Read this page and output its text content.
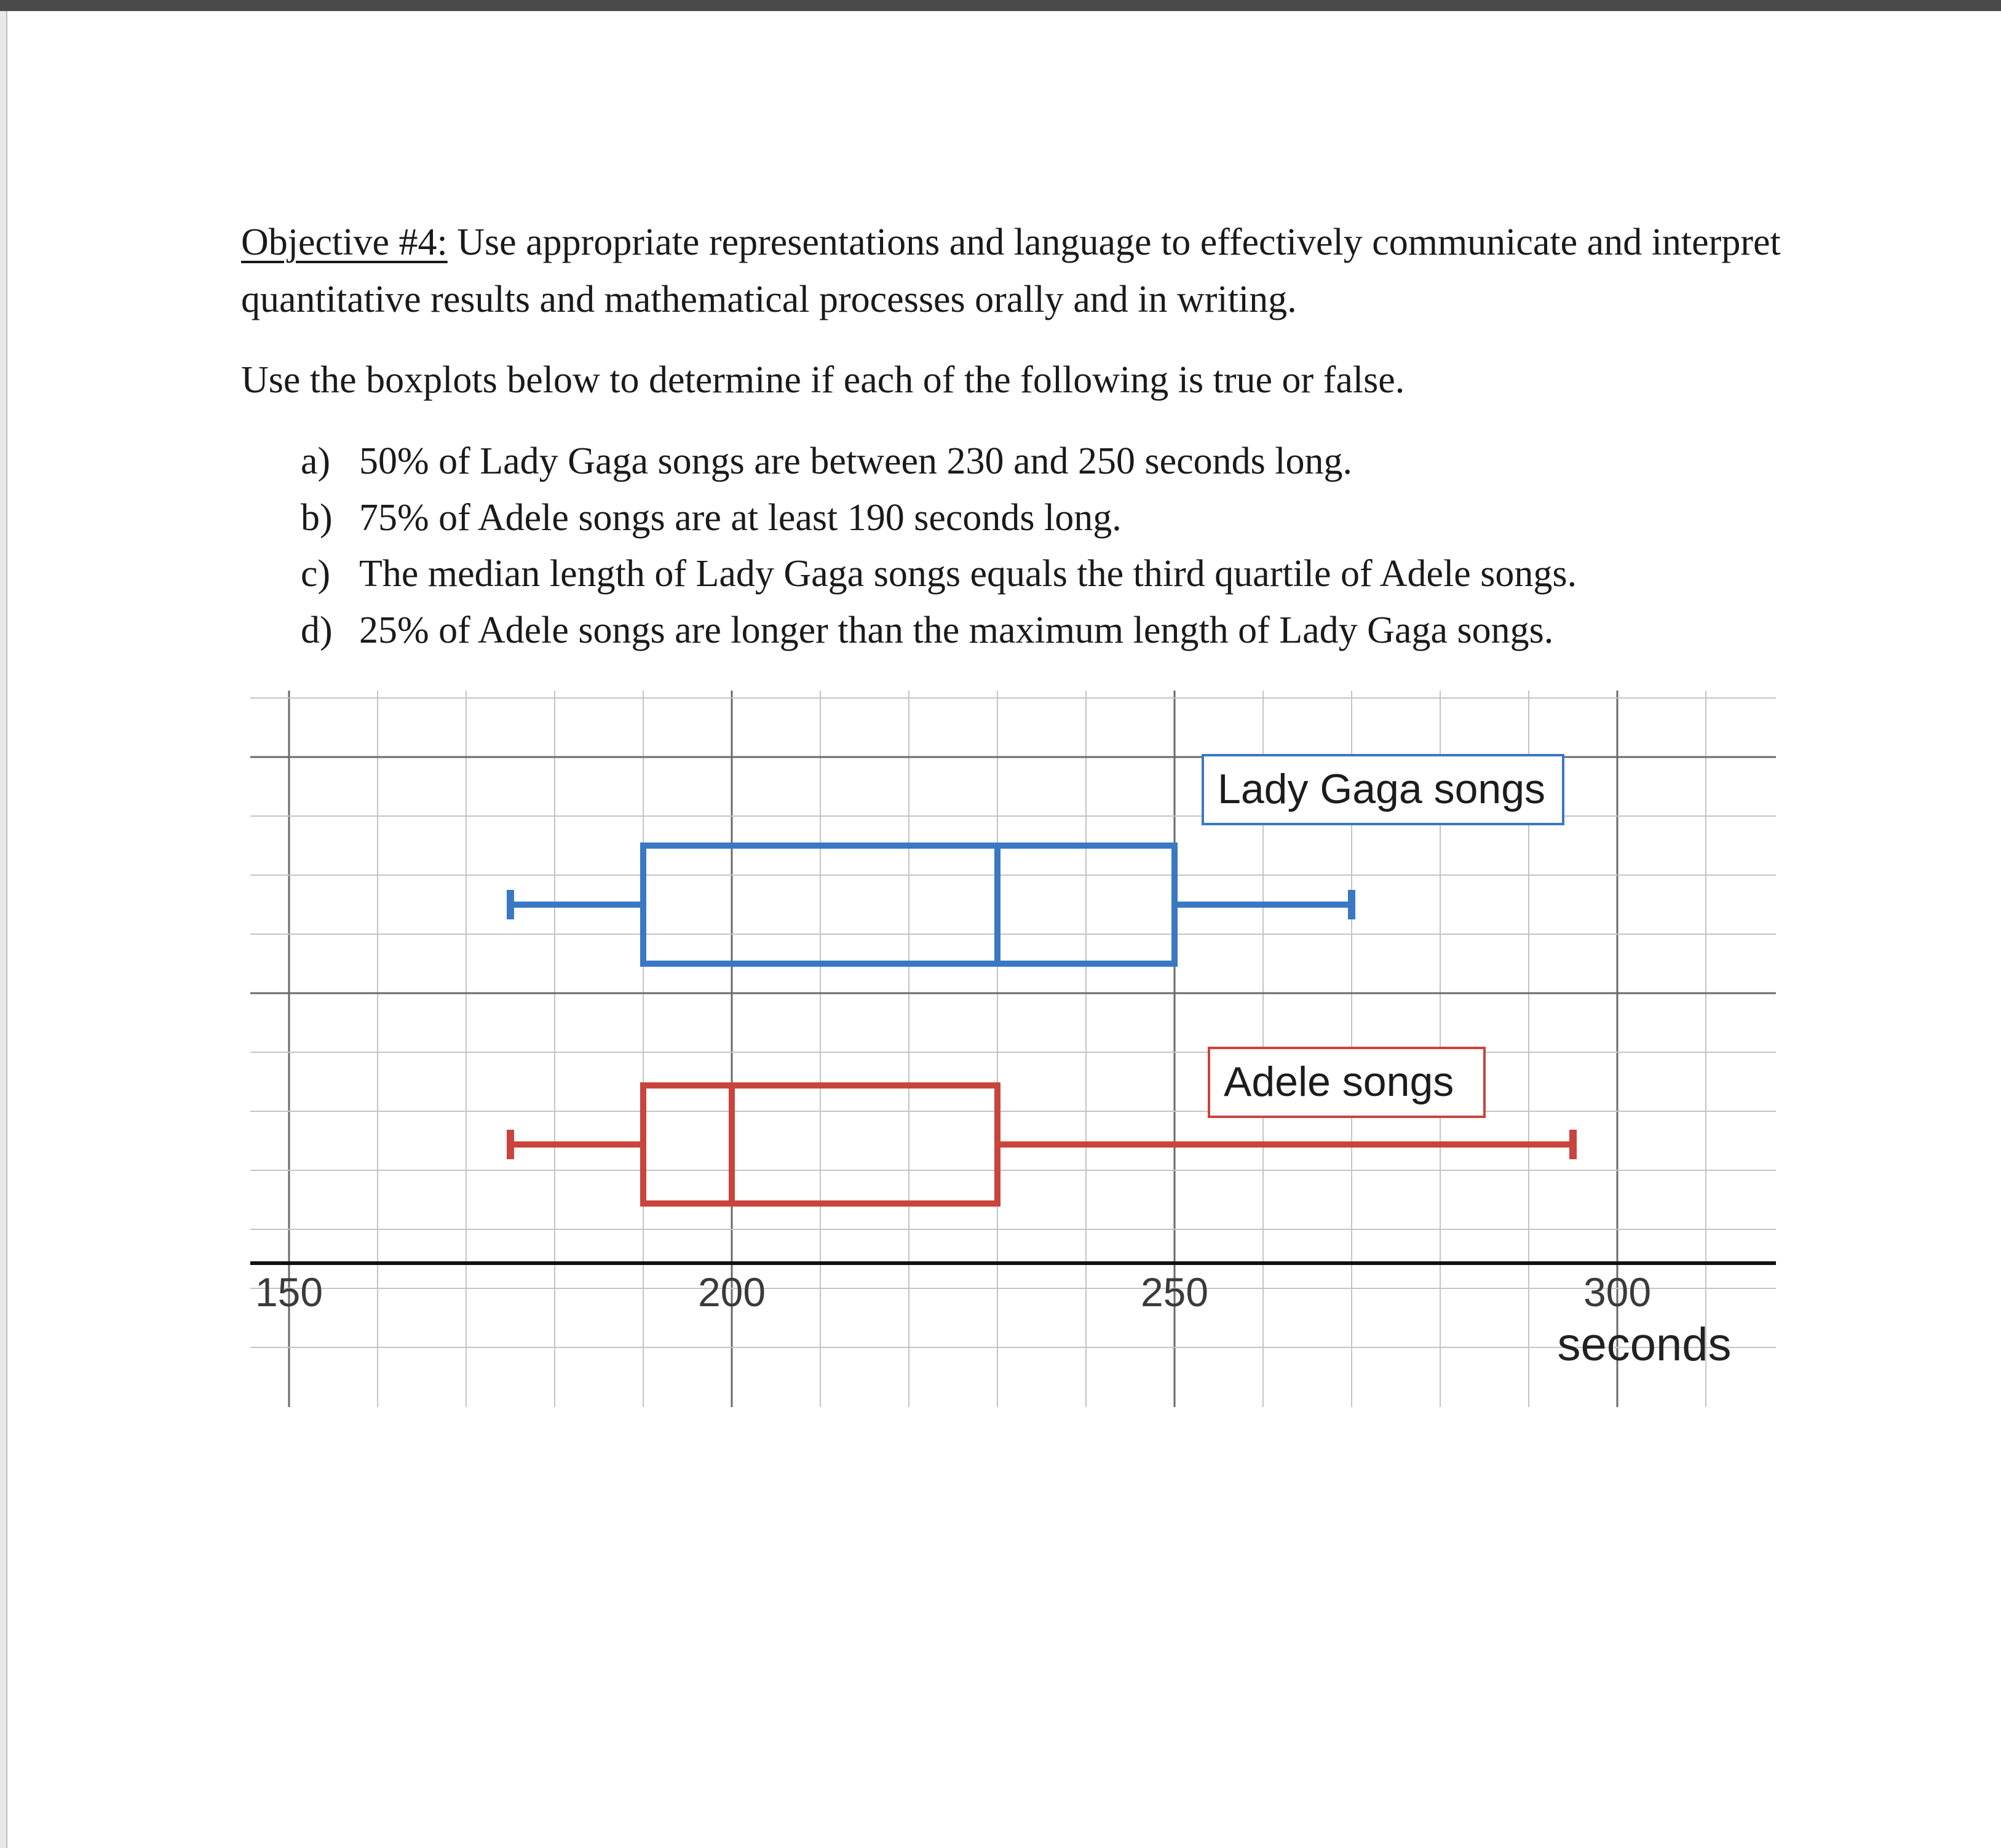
Objective #4: Use appropriate representations and language to effectively communicate and interpret quantitative results and mathematical processes orally and in writing.

Use the boxplots below to determine if each of the following is true or false.

a) 50% of Lady Gaga songs are between 230 and 250 seconds long.
b) 75% of Adele songs are at least 190 seconds long.
c) The median length of Lady Gaga songs equals the third quartile of Adele songs.
d) 25% of Adele songs are longer than the maximum length of Lady Gaga songs.
150	200	250	300
seconds
Lady Gaga songs
Adele songs
